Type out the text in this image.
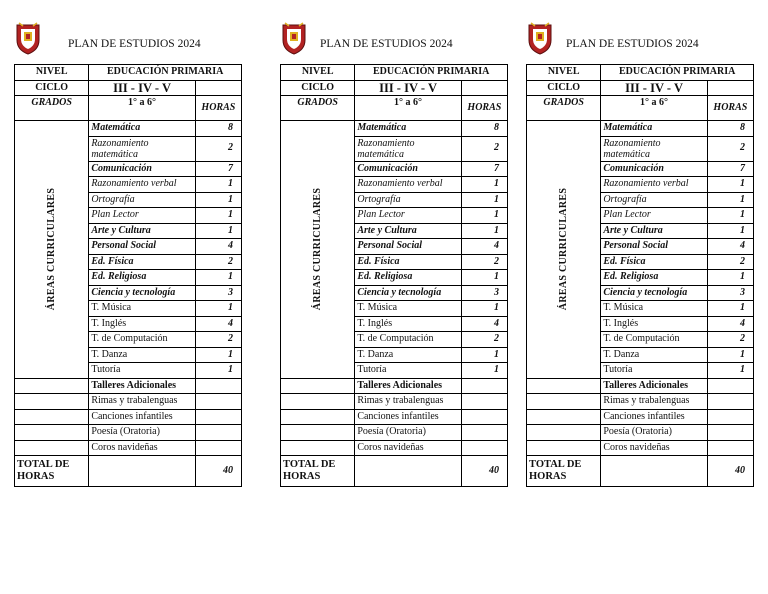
PLAN DE ESTUDIOS 2024
NIVEL	EDUCACIÓN PRIMARIA	
CICLO	III - IV - V	
GRADOS	1° a 6°	HORAS

ÁREAS CURRICULARES	Matemática	8
	Razonamiento matemática	2
	Comunicación	7
	Razonamiento verbal	1
	Ortografía	1
	Plan Lector	1
	Arte y Cultura	1
	Personal Social	4
	Ed. Física	2
	Ed. Religiosa	1
	Ciencia y tecnología	3
	T. Música	1
	T. Inglés	4
	T. de Computación	2
	T. Danza	1
	Tutoría	1
	Talleres Adicionales	
	Rimas y trabalenguas	
	Canciones infantiles	
	Poesía (Oratoria)	
	Coros navideñas	
TOTAL DE HORAS		40
PLAN DE ESTUDIOS 2024
NIVEL	EDUCACIÓN PRIMARIA	
CICLO	III - IV - V	
GRADOS	1° a 6°	HORAS

ÁREAS CURRICULARES	Matemática	8
	Razonamiento matemática	2
	Comunicación	7
	Razonamiento verbal	1
	Ortografía	1
	Plan Lector	1
	Arte y Cultura	1
	Personal Social	4
	Ed. Física	2
	Ed. Religiosa	1
	Ciencia y tecnología	3
	T. Música	1
	T. Inglés	4
	T. de Computación	2
	T. Danza	1
	Tutoría	1
	Talleres Adicionales	
	Rimas y trabalenguas	
	Canciones infantiles	
	Poesía (Oratoria)	
	Coros navideñas	
TOTAL DE HORAS		40
PLAN DE ESTUDIOS 2024
NIVEL	EDUCACIÓN PRIMARIA	
CICLO	III - IV - V	
GRADOS	1° a 6°	HORAS

ÁREAS CURRICULARES	Matemática	8
	Razonamiento matemática	2
	Comunicación	7
	Razonamiento verbal	1
	Ortografía	1
	Plan Lector	1
	Arte y Cultura	1
	Personal Social	4
	Ed. Física	2
	Ed. Religiosa	1
	Ciencia y tecnología	3
	T. Música	1
	T. Inglés	4
	T. de Computación	2
	T. Danza	1
	Tutoría	1
	Talleres Adicionales	
	Rimas y trabalenguas	
	Canciones infantiles	
	Poesía (Oratoria)	
	Coros navideñas	
TOTAL DE HORAS		40
